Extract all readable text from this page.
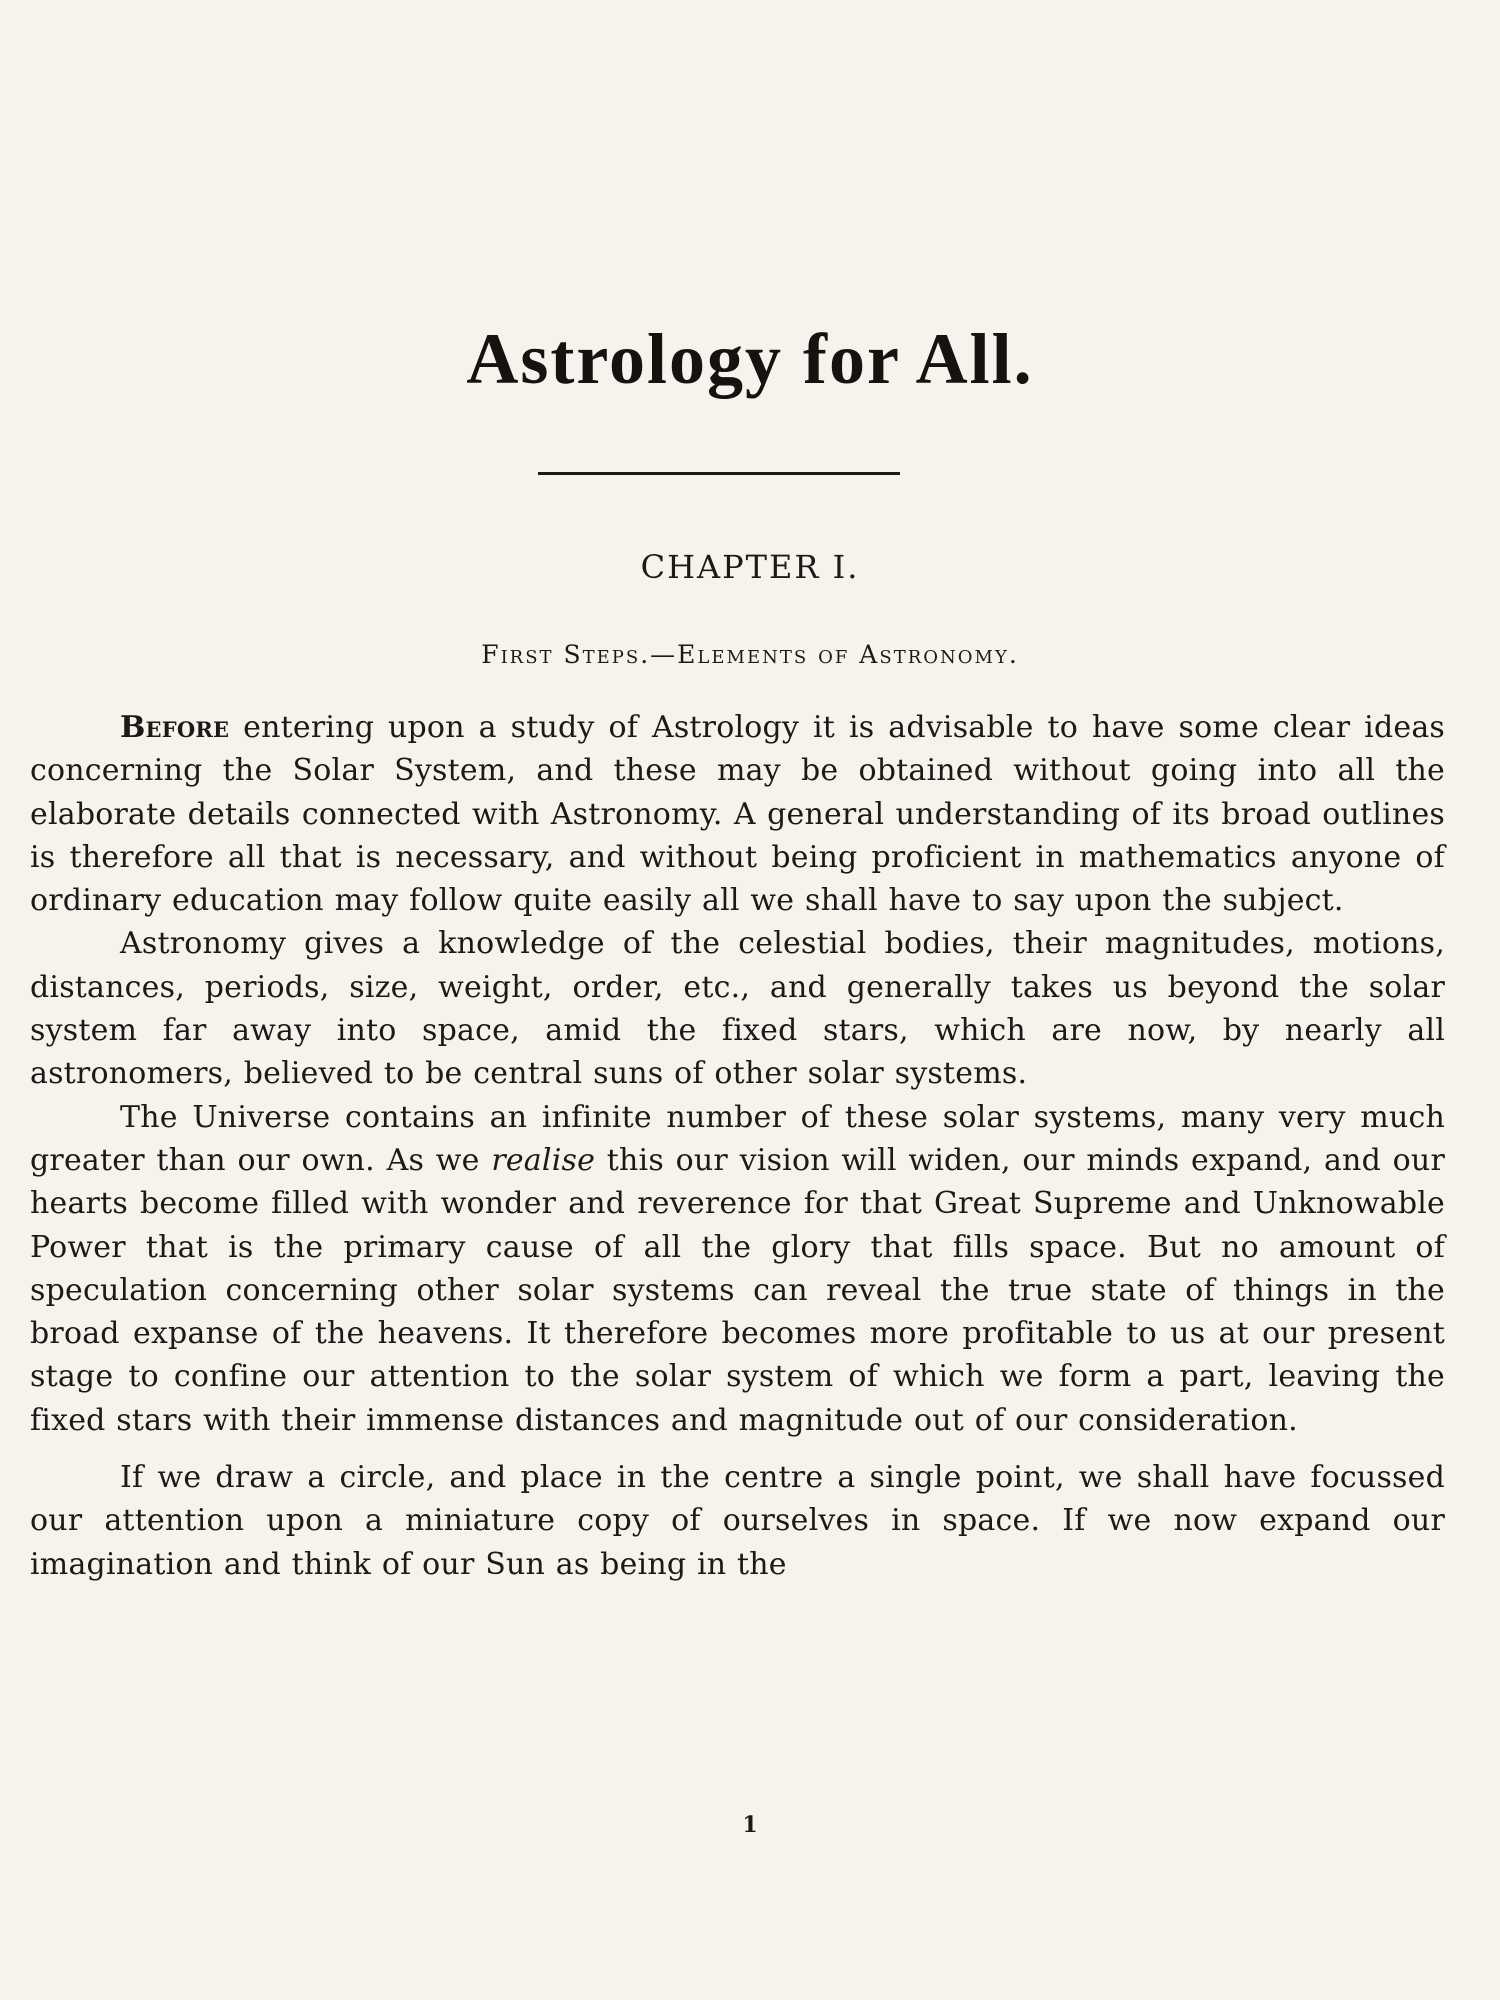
Astrology for All.
CHAPTER I.
First Steps.—Elements of Astronomy.

Before entering upon a study of Astrology it is advisable to have some clear ideas concerning the Solar System, and these may be obtained without going into all the elaborate details connected with Astronomy. A general understanding of its broad outlines is therefore all that is necessary, and without being proficient in mathematics anyone of ordinary education may follow quite easily all we shall have to say upon the subject.

Astronomy gives a knowledge of the celestial bodies, their magnitudes, motions, distances, periods, size, weight, order, etc., and generally takes us beyond the solar system far away into space, amid the fixed stars, which are now, by nearly all astronomers, believed to be central suns of other solar systems.

The Universe contains an infinite number of these solar systems, many very much greater than our own. As we realise this our vision will widen, our minds expand, and our hearts become filled with wonder and reverence for that Great Supreme and Unknowable Power that is the primary cause of all the glory that fills space. But no amount of speculation concerning other solar systems can reveal the true state of things in the broad expanse of the heavens. It therefore becomes more profitable to us at our present stage to confine our attention to the solar system of which we form a part, leaving the fixed stars with their immense distances and magnitude out of our consideration.

If we draw a circle, and place in the centre a single point, we shall have focussed our attention upon a miniature copy of ourselves in space. If we now expand our imagination and think of our Sun as being in the

1
